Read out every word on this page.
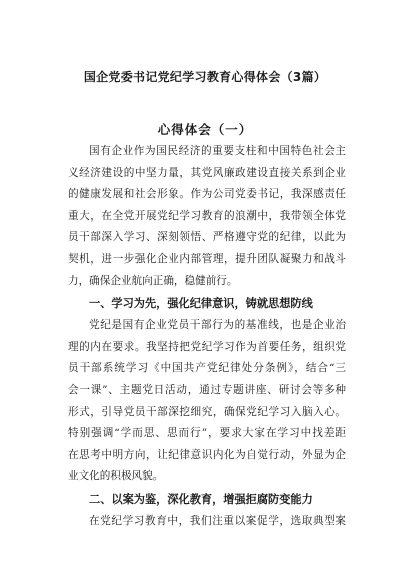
国企党委书记党纪学习教育心得体会（3篇）
心得体会（一）
国有企业作为国民经济的重要支柱和中国特色社会主
义经济建设的中坚力量，其党风廉政建设直接关系到企业
的健康发展和社会形象。作为公司党委书记，我深感责任
重大，在全党开展党纪学习教育的浪潮中，我带领全体党
员干部深入学习、深刻领悟、严格遵守党的纪律，以此为
契机，进一步强化企业内部管理，提升团队凝聚力和战斗
力，确保企业航向正确，稳健前行。
一、学习为先，强化纪律意识，铸就思想防线
党纪是国有企业党员干部行为的基准线，也是企业治
理的内在要求。我坚持把党纪学习作为首要任务，组织党
员干部系统学习《中国共产党纪律处分条例》，结合“三
会一课”、主题党日活动，通过专题讲座、研讨会等多种
形式，引导党员干部深挖细究，确保党纪学习入脑入心。
特别强调“学而思、思而行”，要求大家在学习中找差距
在思考中明方向，让纪律意识内化为自觉行动，外显为企
业文化的积极风貌。
二、以案为鉴，深化教育，增强拒腐防变能力
在党纪学习教育中，我们注重以案促学，选取典型案
